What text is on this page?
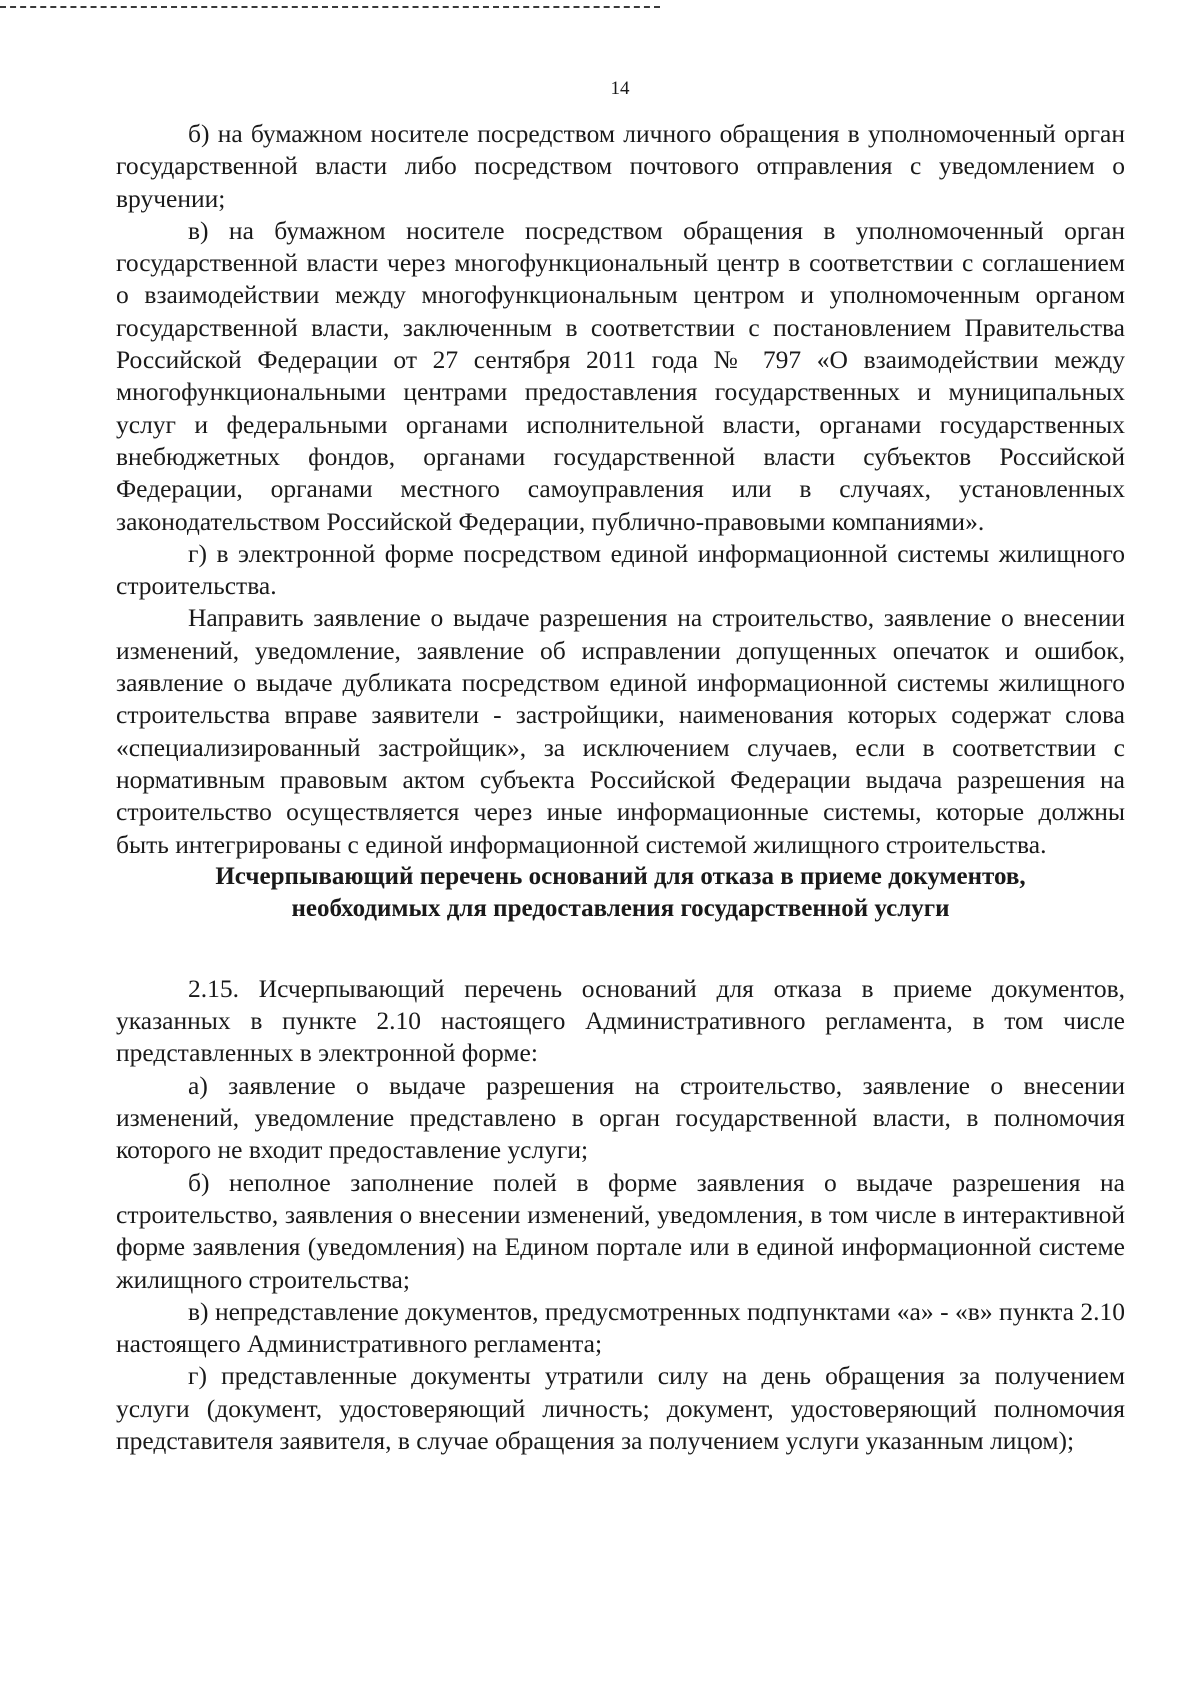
14

б) на бумажном носителе посредством личного обращения в уполномоченный орган государственной власти либо посредством почтового отправления с уведомлением о вручении;

в) на бумажном носителе посредством обращения в уполномоченный орган государственной власти через многофункциональный центр в соответствии с соглашением о взаимодействии между многофункциональным центром и уполномоченным органом государственной власти, заключенным в соответствии с постановлением Правительства Российской Федерации от 27 сентября 2011 года № 797 «О взаимодействии между многофункциональными центрами предоставления государственных и муниципальных услуг и федеральными органами исполнительной власти, органами государственных внебюджетных фондов, органами государственной власти субъектов Российской Федерации, органами местного самоуправления или в случаях, установленных законодательством Российской Федерации, публично-правовыми компаниями».

г) в электронной форме посредством единой информационной системы жилищного строительства.

Направить заявление о выдаче разрешения на строительство, заявление о внесении изменений, уведомление, заявление об исправлении допущенных опечаток и ошибок, заявление о выдаче дубликата посредством единой информационной системы жилищного строительства вправе заявители - застройщики, наименования которых содержат слова «специализированный застройщик», за исключением случаев, если в соответствии с нормативным правовым актом субъекта Российской Федерации выдача разрешения на строительство осуществляется через иные информационные системы, которые должны быть интегрированы с единой информационной системой жилищного строительства.

Исчерпывающий перечень оснований для отказа в приеме документов,

необходимых для предоставления государственной услуги

2.15. Исчерпывающий перечень оснований для отказа в приеме документов, указанных в пункте 2.10 настоящего Административного регламента, в том числе представленных в электронной форме:

а) заявление о выдаче разрешения на строительство, заявление о внесении изменений, уведомление представлено в орган государственной власти, в полномочия которого не входит предоставление услуги;

б) неполное заполнение полей в форме заявления о выдаче разрешения на строительство, заявления о внесении изменений, уведомления, в том числе в интерактивной форме заявления (уведомления) на Едином портале или в единой информационной системе жилищного строительства;

в) непредставление документов, предусмотренных подпунктами «а» - «в» пункта 2.10 настоящего Административного регламента;

г) представленные документы утратили силу на день обращения за получением услуги (документ, удостоверяющий личность; документ, удостоверяющий полномочия представителя заявителя, в случае обращения за получением услуги указанным лицом);
